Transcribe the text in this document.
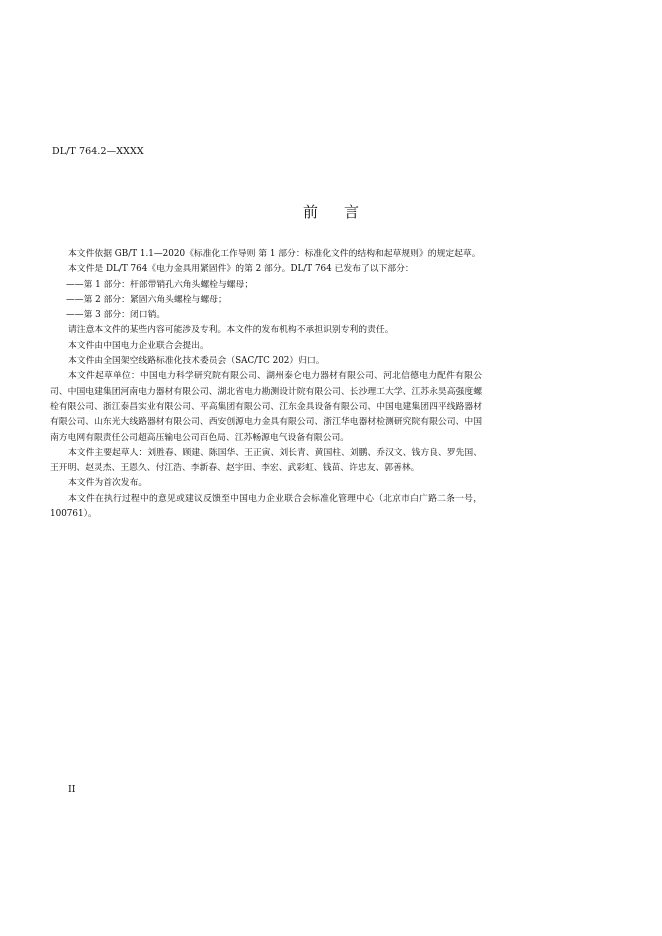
DL/T 764.2—XXXX
前 言

本文件依据 GB/T 1.1—2020《标准化工作导则 第 1 部分：标准化文件的结构和起草规则》的规定起草。

本文件是 DL/T 764《电力金具用紧固件》的第 2 部分。DL/T 764 已发布了以下部分：

——第 1 部分：杆部带销孔六角头螺栓与螺母；

——第 2 部分：紧固六角头螺栓与螺母；

——第 3 部分：闭口销。

请注意本文件的某些内容可能涉及专利。本文件的发布机构不承担识别专利的责任。

本文件由中国电力企业联合会提出。

本文件由全国架空线路标准化技术委员会（SAC/TC 202）归口。

本文件起草单位：中国电力科学研究院有限公司、湖州泰仑电力器材有限公司、河北信德电力配件有限公司、中国电建集团河南电力器材有限公司、湖北省电力勘测设计院有限公司、长沙理工大学、江苏永昊高强度螺栓有限公司、浙江泰昌实业有限公司、平高集团有限公司、江东金具设备有限公司、中国电建集团四平线路器材有限公司、山东光大线路器材有限公司、西安创源电力金具有限公司、浙江华电器材检测研究院有限公司、中国南方电网有限责任公司超高压输电公司百色局、江苏畅源电气设备有限公司。

本文件主要起草人：刘胜春、顾建、陈国华、王正寅、刘长青、黄国柱、刘鹏、乔汉文、钱方良、罗先国、王开明、赵灵杰、王恩久、付江浩、李新春、赵宇田、李宏、武彩虹、钱苗、许忠友、郭善林。

本文件为首次发布。

本文件在执行过程中的意见或建议反馈至中国电力企业联合会标准化管理中心（北京市白广路二条一号，100761）。

II
